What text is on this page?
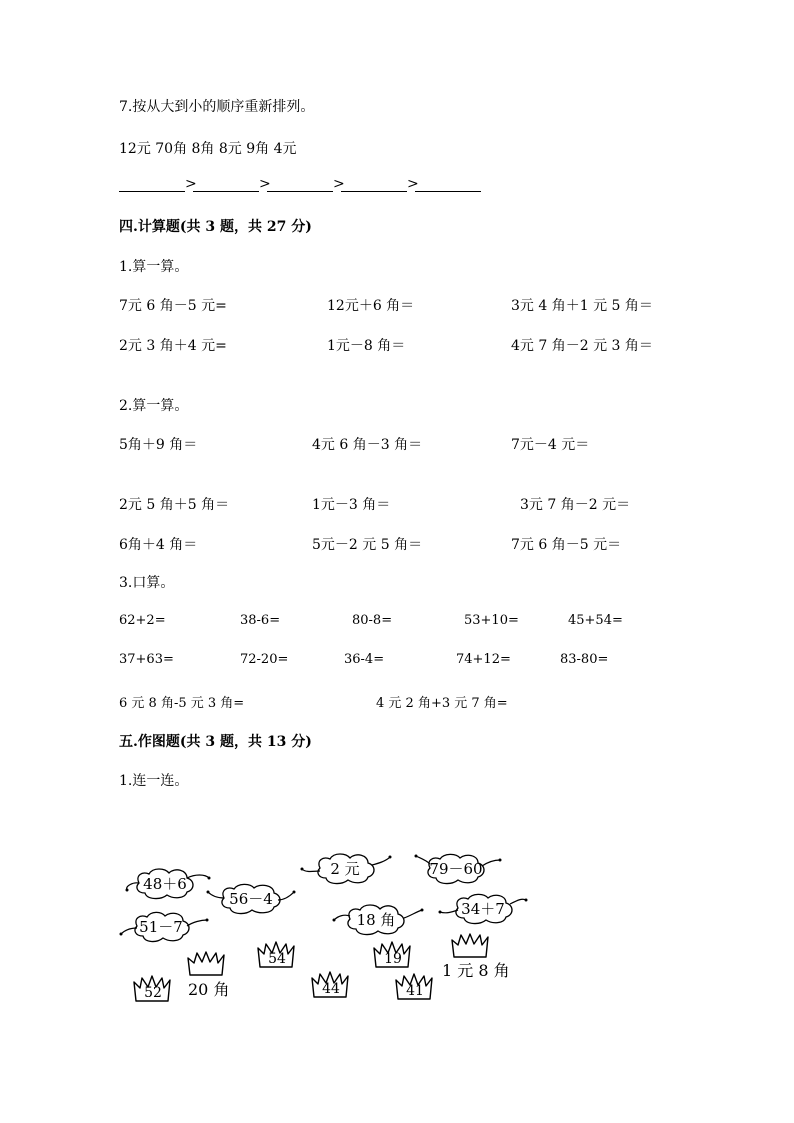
7.按从大到小的顺序重新排列。
12元 70角 8角 8元 9角 4元
>	>	>	>
四.计算题(共 3 题，共 27 分)
1.算一算。
7元 6 角－5 元=	12元＋6 角＝	3元 4 角＋1 元 5 角＝
2元 3 角＋4 元=	1元－8 角＝	4元 7 角－2 元 3 角＝
2.算一算。
5角＋9 角＝	4元 6 角－3 角＝	7元－4 元＝
2元 5 角＋5 角＝	1元－3 角＝	3元 7 角－2 元＝
6角＋4 角＝	5元－2 元 5 角＝	7元 6 角－5 元＝
3.口算。
62+2=	38-6=	80-8=	53+10=	45+54=
37+63=	72-20=	36-4=	74+12=	83-80=
6 元 8 角-5 元 3 角=	4 元 2 角+3 元 7 角=
五.作图题(共 3 题，共 13 分)
1.连一连。
48＋6
56－4
51－7
2 元
18 角
79－60
34＋7
52
54
44
19
41
20 角
1 元 8 角
